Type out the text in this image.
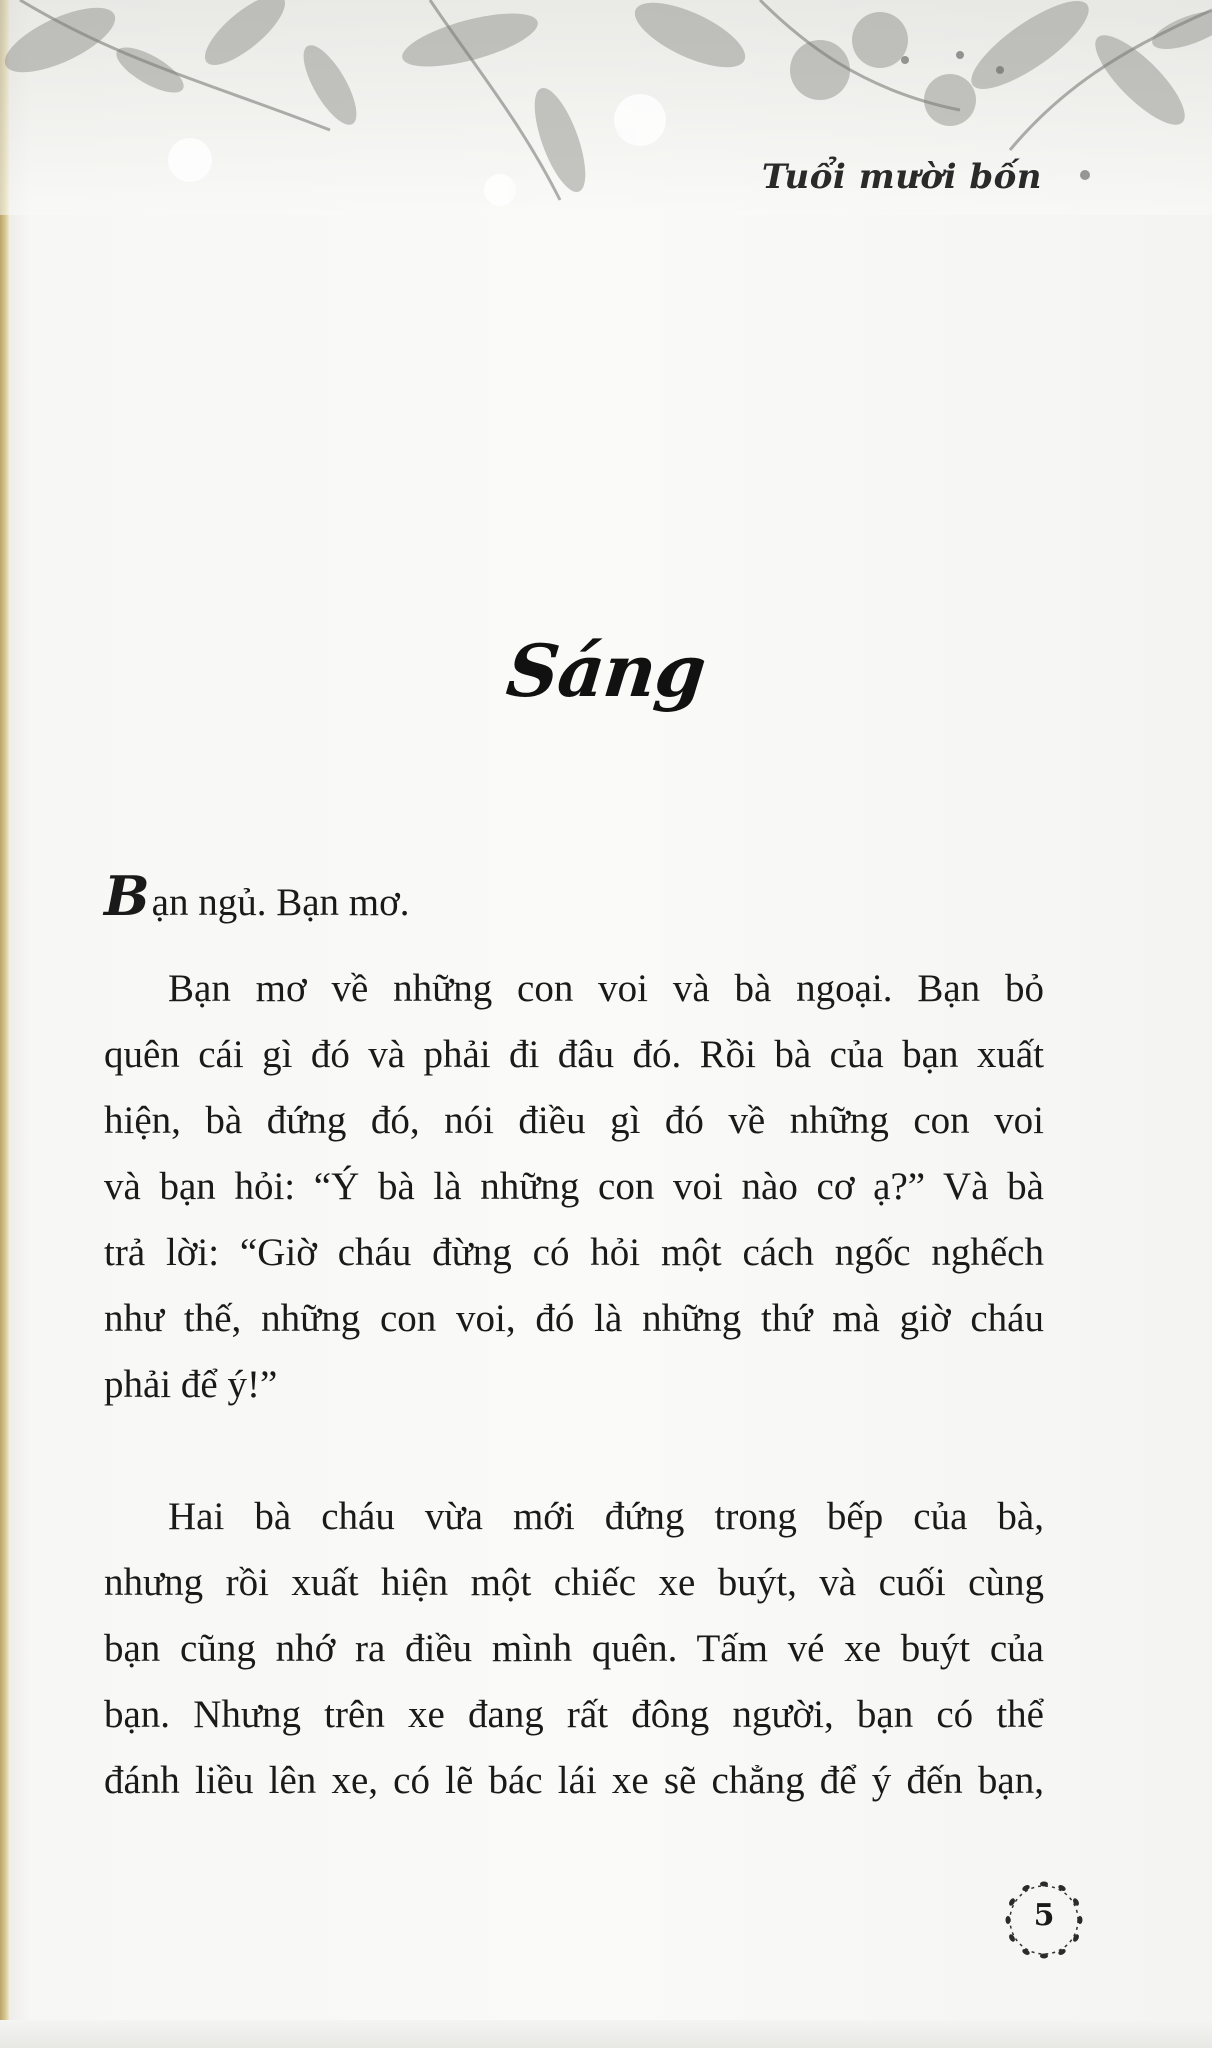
Tuổi mười bốn
Sáng

Bạn ngủ. Bạn mơ.

Bạn mơ về những con voi và bà ngoại. Bạn bỏ
quên cái gì đó và phải đi đâu đó. Rồi bà của bạn xuất
hiện, bà đứng đó, nói điều gì đó về những con voi
và bạn hỏi: “Ý bà là những con voi nào cơ ạ?” Và bà
trả lời: “Giờ cháu đừng có hỏi một cách ngốc nghếch
như thế, những con voi, đó là những thứ mà giờ cháu
phải để ý!”

Hai bà cháu vừa mới đứng trong bếp của bà,
nhưng rồi xuất hiện một chiếc xe buýt, và cuối cùng
bạn cũng nhớ ra điều mình quên. Tấm vé xe buýt của
bạn. Nhưng trên xe đang rất đông người, bạn có thể
đánh liều lên xe, có lẽ bác lái xe sẽ chẳng để ý đến bạn,

5
